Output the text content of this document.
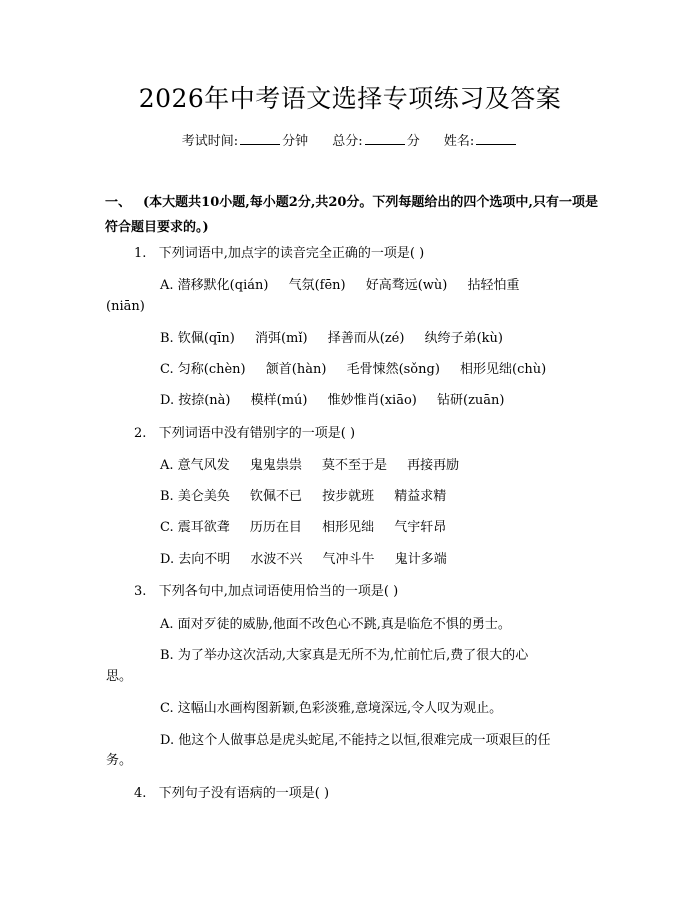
2026年中考语文选择专项练习及答案
考试时间:	分钟 总分:	分 姓名:
一、 (本大题共10小题,每小题2分,共20分。下列每题给出的四个选项中,只有一项是符合题目要求的。)
1.   下列词语中,加点字的读音完全正确的一项是( )
A. 潜移默化(qián) 气氛(fēn) 好高骛远(wù) 拈轻怕重
(niān)
B. 钦佩(qīn) 消弭(mǐ) 择善而从(zé) 纨绔子弟(kù)
C. 匀称(chèn) 颔首(hàn) 毛骨悚然(sǒng) 相形见绌(chù)
D. 按捺(nà) 模样(mú) 惟妙惟肖(xiāo) 钻研(zuān)
2.   下列词语中没有错别字的一项是( )
A. 意气风发 鬼鬼祟祟 莫不至于是 再接再励
B. 美仑美奂 钦佩不已 按步就班 精益求精
C. 震耳欲聋 历历在目 相形见绌 气宇轩昂
D. 去向不明 水波不兴 气冲斗牛 鬼计多端
3.   下列各句中,加点词语使用恰当的一项是( )
A. 面对歹徒的威胁,他面不改色心不跳,真是临危不惧的勇士。
B. 为了举办这次活动,大家真是无所不为,忙前忙后,费了很大的心
思。
C. 这幅山水画构图新颖,色彩淡雅,意境深远,令人叹为观止。
D. 他这个人做事总是虎头蛇尾,不能持之以恒,很难完成一项艰巨的任
务。
4.   下列句子没有语病的一项是( )
